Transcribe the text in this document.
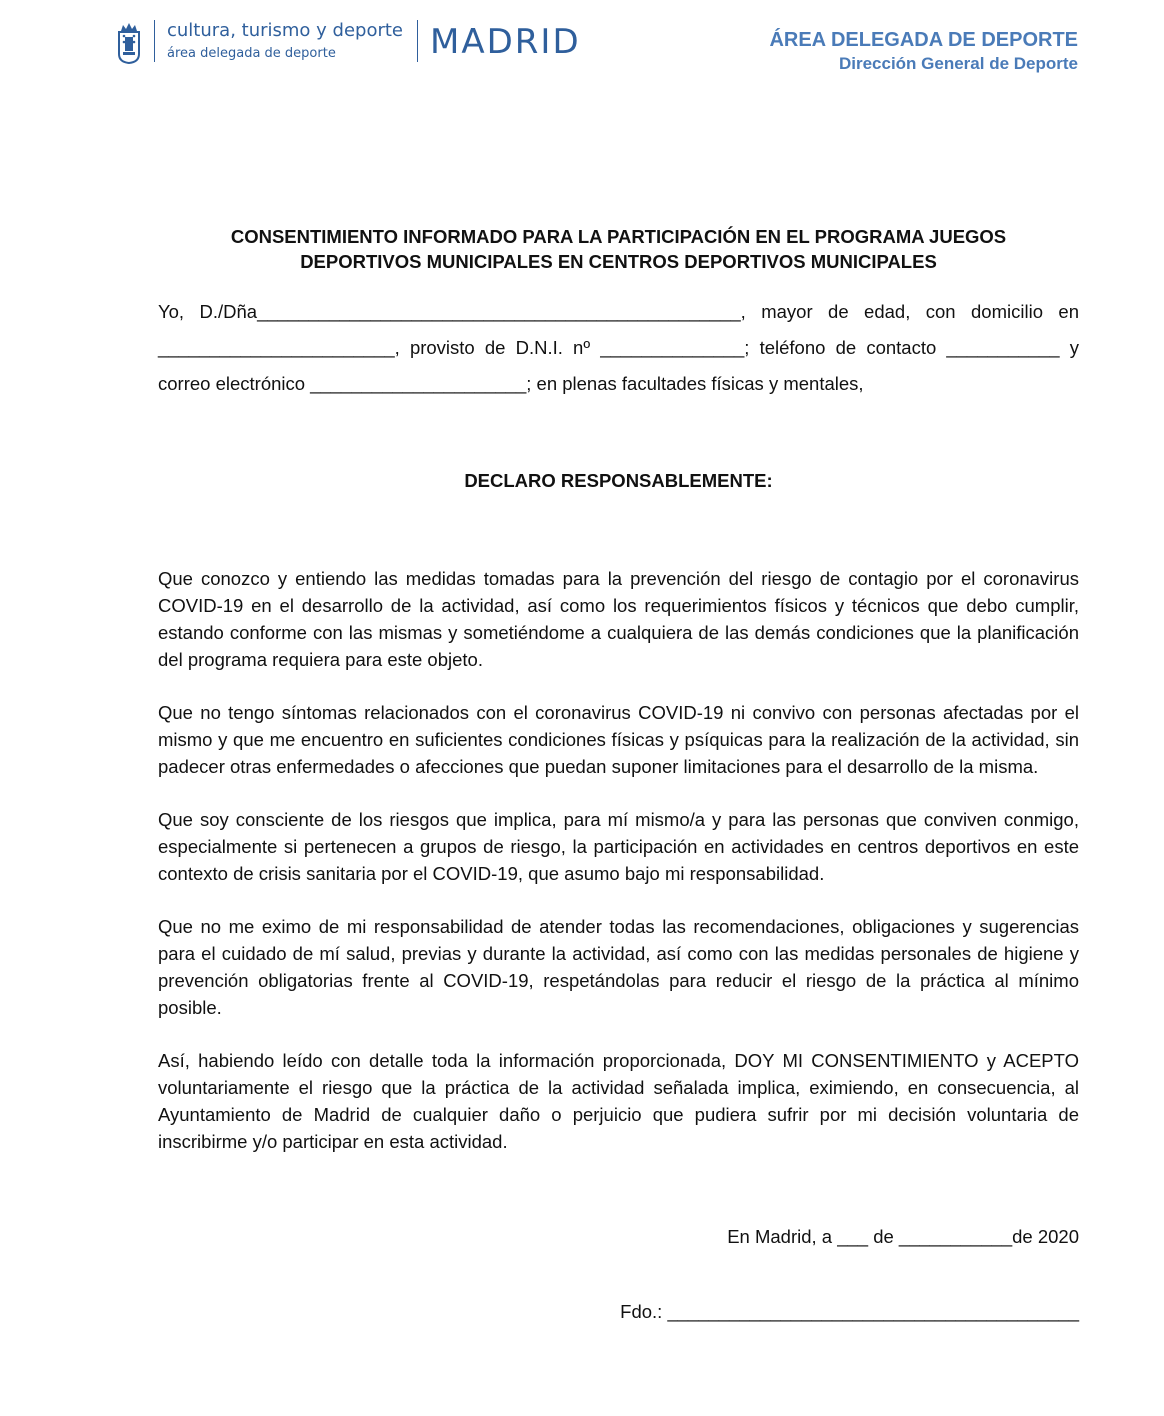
cultura, turismo y deporte
área delegada de deporte	MADRID	ÁREA DELEGADA DE DEPORTE
Dirección General de Deporte
CONSENTIMIENTO INFORMADO PARA LA PARTICIPACIÓN EN EL PROGRAMA JUEGOS
DEPORTIVOS MUNICIPALES EN CENTROS DEPORTIVOS MUNICIPALES
Yo, D./Dña_______________________________________________, mayor de edad, con domicilio en
_______________________, provisto de D.N.I. nº ______________; teléfono de contacto ___________ y
correo electrónico _____________________; en plenas facultades físicas y mentales,
DECLARO RESPONSABLEMENTE:

Que conozco y entiendo las medidas tomadas para la prevención del riesgo de contagio por el coronavirus COVID-19 en el desarrollo de la actividad, así como los requerimientos físicos y técnicos que debo cumplir, estando conforme con las mismas y sometiéndome a cualquiera de las demás condiciones que la planificación del programa requiera para este objeto.

Que no tengo síntomas relacionados con el coronavirus COVID-19 ni convivo con personas afectadas por el mismo y que me encuentro en suficientes condiciones físicas y psíquicas para la realización de la actividad, sin padecer otras enfermedades o afecciones que puedan suponer limitaciones para el desarrollo de la misma.

Que soy consciente de los riesgos que implica, para mí mismo/a y para las personas que conviven conmigo, especialmente si pertenecen a grupos de riesgo, la participación en actividades en centros deportivos en este contexto de crisis sanitaria por el COVID-19, que asumo bajo mi responsabilidad.

Que no me eximo de mi responsabilidad de atender todas las recomendaciones, obligaciones y sugerencias para el cuidado de mí salud, previas y durante la actividad, así como con las medidas personales de higiene y prevención obligatorias frente al COVID-19, respetándolas para reducir el riesgo de la práctica al mínimo posible.

Así, habiendo leído con detalle toda la información proporcionada, DOY MI CONSENTIMIENTO y ACEPTO voluntariamente el riesgo que la práctica de la actividad señalada implica, eximiendo, en consecuencia, al Ayuntamiento de Madrid de cualquier daño o perjuicio que pudiera sufrir por mi decisión voluntaria de inscribirme y/o participar en esta actividad.

En Madrid, a ___ de ___________de 2020
Fdo.: ________________________________________
